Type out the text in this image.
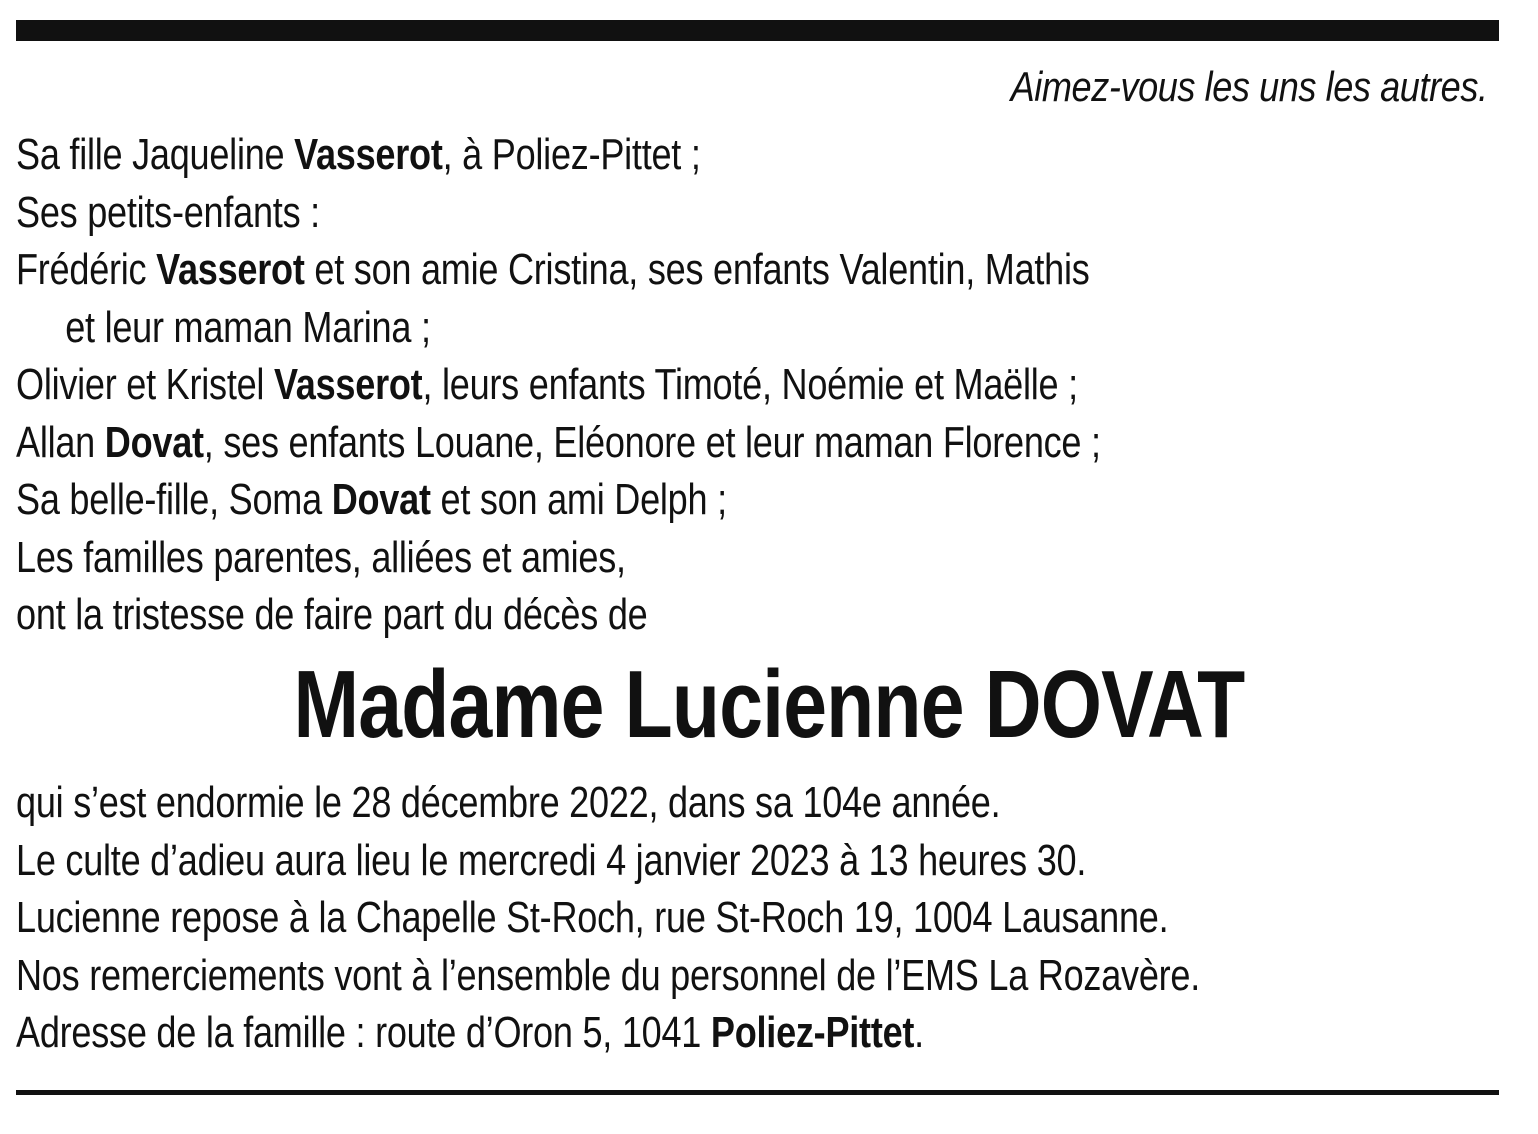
Aimez-vous les uns les autres.
Sa fille Jaqueline Vasserot, à Poliez-Pittet ;
Ses petits-enfants :
Frédéric Vasserot et son amie Cristina, ses enfants Valentin, Mathis
et leur maman Marina ;
Olivier et Kristel Vasserot, leurs enfants Timoté, Noémie et Maëlle ;
Allan Dovat, ses enfants Louane, Eléonore et leur maman Florence ;
Sa belle-fille, Soma Dovat et son ami Delph ;
Les familles parentes, alliées et amies,
ont la tristesse de faire part du décès de
Madame Lucienne DOVAT
qui s’est endormie le 28 décembre 2022, dans sa 104e année.
Le culte d’adieu aura lieu le mercredi 4 janvier 2023 à 13 heures 30.
Lucienne repose à la Chapelle St-Roch, rue St-Roch 19, 1004 Lausanne.
Nos remerciements vont à l’ensemble du personnel de l’EMS La Rozavère.
Adresse de la famille : route d’Oron 5, 1041 Poliez-Pittet.
